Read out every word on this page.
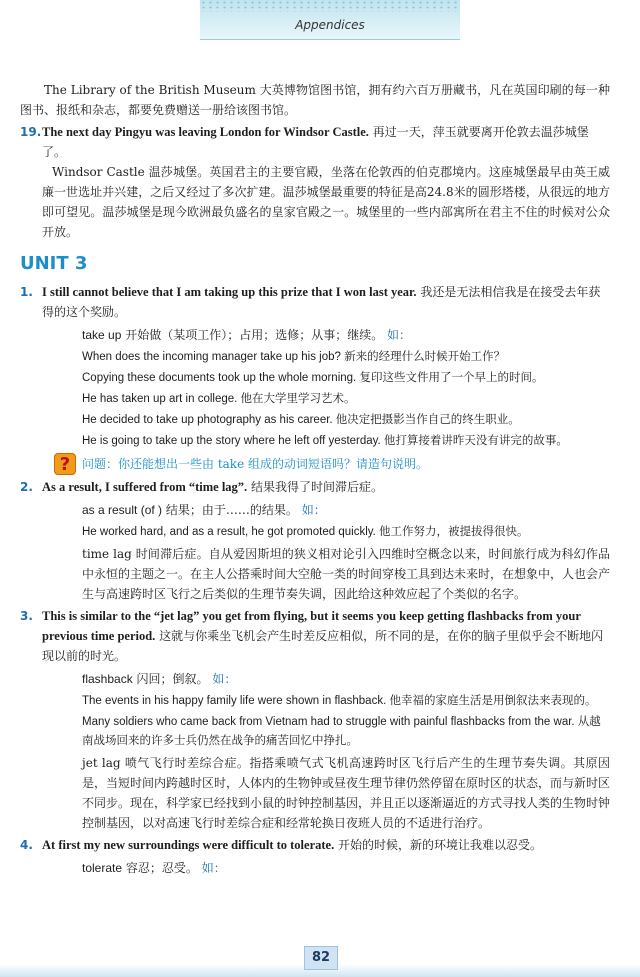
Appendices

The Library of the British Museum 大英博物馆图书馆，拥有约六百万册藏书，凡在英国印刷的每一种图书、报纸和杂志，都要免费赠送一册给该图书馆。

19. The next day Pingyu was leaving London for Windsor Castle. 再过一天，萍玉就要离开伦敦去温莎城堡了。

Windsor Castle 温莎城堡。英国君主的主要官殿，坐落在伦敦西的伯克郡境内。这座城堡最早由英王威廉一世选址并兴建，之后又经过了多次扩建。温莎城堡最重要的特征是高24.8米的圆形塔楼，从很远的地方即可望见。温莎城堡是现今欧洲最负盛名的皇家官殿之一。城堡里的一些内部寓所在君主不住的时候对公众开放。

UNIT 3
1. I still cannot believe that I am taking up this prize that I won last year. 我还是无法相信我是在接受去年获得的这个奖励。
take up 开始做（某项工作）；占用；选修；从事；继续。 如：
When does the incoming manager take up his job? 新来的经理什么时候开始工作？
Copying these documents took up the whole morning. 复印这些文件用了一个早上的时间。
He has taken up art in college. 他在大学里学习艺术。
He decided to take up photography as his career. 他决定把摄影当作自己的终生职业。
He is going to take up the story where he left off yesterday. 他打算接着讲昨天没有讲完的故事。
? 问题：你还能想出一些由 take 组成的动词短语吗？请造句说明。
2. As a result, I suffered from “time lag”. 结果我得了时间滞后症。
as a result (of ) 结果；由于……的结果。 如：
He worked hard, and as a result, he got promoted quickly. 他工作努力，被提拔得很快。

time lag 时间滞后症。自从爱因斯坦的狭义相对论引入四维时空概念以来，时间旅行成为科幻作品中永恒的主题之一。在主人公搭乘时间大空舱一类的时间穿梭工具到达未来时，在想象中，人也会产生与高速跨时区飞行之后类似的生理节奏失调，因此给这种效应起了个类似的名字。

3. This is similar to the “jet lag” you get from flying, but it seems you keep getting flashbacks from your previous time period. 这就与你乘坐飞机会产生时差反应相似，所不同的是，在你的脑子里似乎会不断地闪现以前的时光。
flashback 闪回；倒叙。 如：
The events in his happy family life were shown in flashback. 他幸福的家庭生活是用倒叙法来表现的。
Many soldiers who came back from Vietnam had to struggle with painful flashbacks from the war. 从越南战场回来的许多士兵仍然在战争的痛苦回忆中挣扎。

jet lag 喷气飞行时差综合症。指搭乘喷气式飞机高速跨时区飞行后产生的生理节奏失调。其原因是，当短时间内跨越时区时，人体内的生物钟或昼夜生理节律仍然停留在原时区的状态，而与新时区不同步。现在，科学家已经找到小鼠的时钟控制基因，并且正以逐渐逼近的方式寻找人类的生物时钟控制基因，以对高速飞行时差综合症和经常轮换日夜班人员的不适进行治疗。

4. At first my new surroundings were difficult to tolerate. 开始的时候，新的环境让我难以忍受。
tolerate 容忍；忍受。 如：
82
